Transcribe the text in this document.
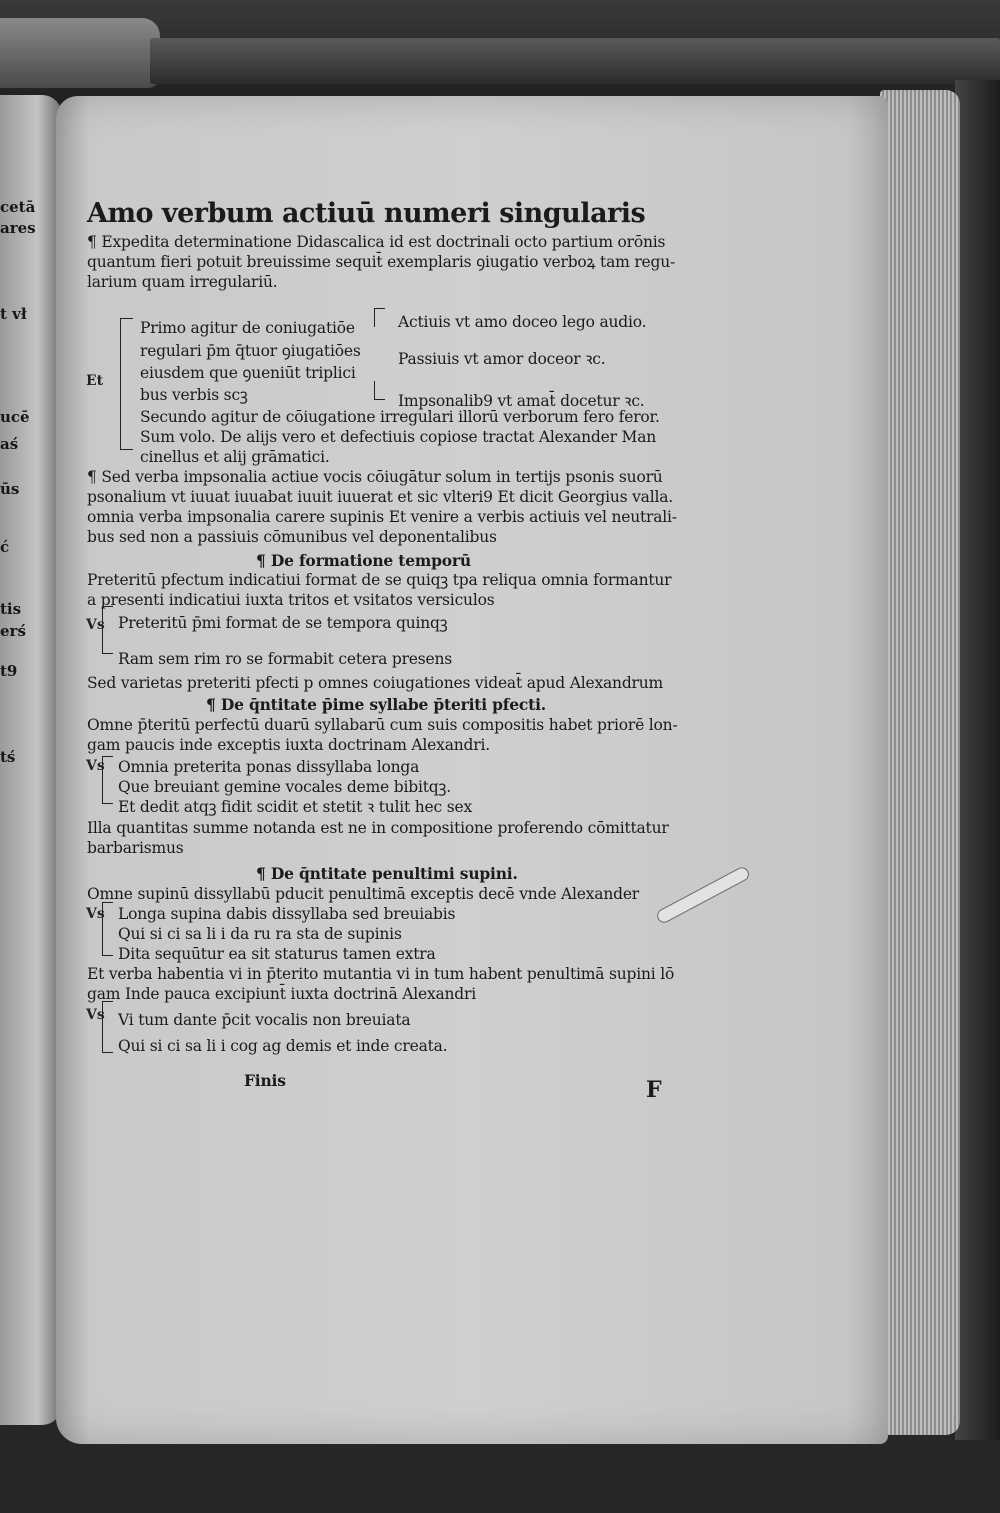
cetā
ares
t vł
ucē
aś
ūs
ć
tis
erś
t9
tś
Amo verbum actiuū numeri singularis
¶ Expedita determinatione Didascalica id est doctrinali octo partium orōnis
quantum fieri potuit breuissime sequit̄ exemplaris ꝯiugatio verboꝝ tam regu-
larium quam irregulariū.
Actiuis vt amo doceo lego audio.
Passiuis vt amor doceor ꝛc.
Impsonalib9 vt amat̄ docetur ꝛc.
Primo agitur de coniugatiōe
regulari p̄m q̄tuor ꝯiugatiōes
eiusdem que ꝯueniūt triplici
bus verbis scꝫ
Et
Secundo agitur de cōiugatione irregulari illorū verborum fero feror.
Sum volo. De alijs vero et defectiuis copiose tractat Alexander Man
cinellus et alij grāmatici.
¶ Sed verba impsonalia actiue vocis cōiugātur solum in tertijs psonis suorū
psonalium vt iuuat iuuabat iuuit iuuerat et sic vlteri9 Et dicit Georgius valla.
omnia verba impsonalia carere supinis Et venire a verbis actiuis vel neutrali-
bus sed non a passiuis cōmunibus vel deponentalibus
¶ De formatione temporū
Preteritū pfectum indicatiui format de se quiqꝫ tpa reliqua omnia formantur
a presenti indicatiui iuxta tritos et vsitatos versiculos
Vs Preteritū p̄mi format de se tempora quinqꝫ
Ram sem rim ro se formabit cetera presens
Sed varietas preteriti pfecti p omnes coiugationes videat̄ apud Alexandrum
¶ De q̄ntitate p̄ime syllabe p̄teriti pfecti.
Omne p̄teritū perfectū duarū syllabarū cum suis compositis habet priorē lon-
gam paucis inde exceptis iuxta doctrinam Alexandri.
Vs Omnia preterita ponas dissyllaba longa
Que breuiant gemine vocales deme bibitqꝫ.
Et dedit atqꝫ fidit scidit et stetit ꝛ tulit hec sex
Illa quantitas summe notanda est ne in compositione proferendo cōmittatur
barbarismus
¶ De q̄ntitate penultimi supini.
Omne supinū dissyllabū pducit penultimā exceptis decē vnde Alexander
Vs Longa supina dabis dissyllaba sed breuiabis
Qui si ci sa li i da ru ra sta de supinis
Dita sequūtur ea sit staturus tamen extra
Et verba habentia vi in p̄terito mutantia vi in tum habent penultimā supini lō
gam Inde pauca excipiunt̄ iuxta doctrinā Alexandri
Vs Vi tum dante p̄cit vocalis non breuiata
Qui si ci sa li i cog ag demis et inde creata.
Finis	F
